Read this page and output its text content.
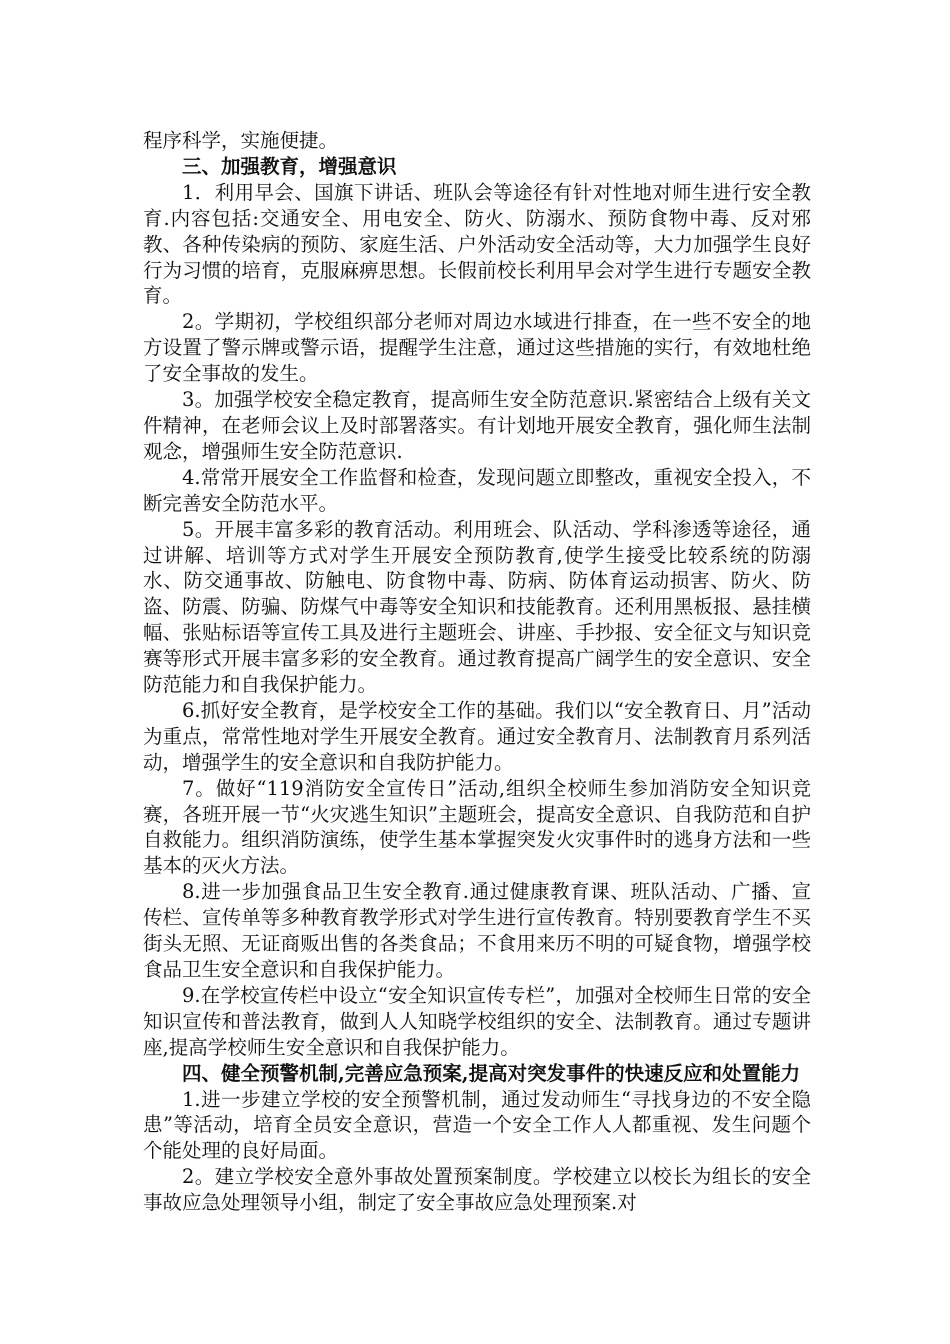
程序科学，实施便捷。

三、加强教育，增强意识

1．利用早会、国旗下讲话、班队会等途径有针对性地对师生进行安全教育.内容包括:交通安全、用电安全、防火、防溺水、预防食物中毒、反对邪教、各种传染病的预防、家庭生活、户外活动安全活动等，大力加强学生良好行为习惯的培育，克服麻痹思想。长假前校长利用早会对学生进行专题安全教育。

2。学期初，学校组织部分老师对周边水域进行排查，在一些不安全的地方设置了警示牌或警示语，提醒学生注意，通过这些措施的实行，有效地杜绝了安全事故的发生。

3。加强学校安全稳定教育，提高师生安全防范意识.紧密结合上级有关文件精神，在老师会议上及时部署落实。有计划地开展安全教育，强化师生法制观念，增强师生安全防范意识.

4.常常开展安全工作监督和检查，发现问题立即整改，重视安全投入，不断完善安全防范水平。

5。开展丰富多彩的教育活动。利用班会、队活动、学科渗透等途径，通过讲解、培训等方式对学生开展安全预防教育,使学生接受比较系统的防溺水、防交通事故、防触电、防食物中毒、防病、防体育运动损害、防火、防盗、防震、防骗、防煤气中毒等安全知识和技能教育。还利用黑板报、悬挂横幅、张贴标语等宣传工具及进行主题班会、讲座、手抄报、安全征文与知识竞赛等形式开展丰富多彩的安全教育。通过教育提高广阔学生的安全意识、安全防范能力和自我保护能力。

6.抓好安全教育，是学校安全工作的基础。我们以“安全教育日、月”活动为重点，常常性地对学生开展安全教育。通过安全教育月、法制教育月系列活动，增强学生的安全意识和自我防护能力。

7。做好“119消防安全宣传日”活动,组织全校师生参加消防安全知识竞赛，各班开展一节“火灾逃生知识”主题班会，提高安全意识、自我防范和自护自救能力。组织消防演练，使学生基本掌握突发火灾事件时的逃身方法和一些基本的灭火方法。

8.进一步加强食品卫生安全教育.通过健康教育课、班队活动、广播、宣传栏、宣传单等多种教育教学形式对学生进行宣传教育。特别要教育学生不买街头无照、无证商贩出售的各类食品；不食用来历不明的可疑食物，增强学校食品卫生安全意识和自我保护能力。

9.在学校宣传栏中设立“安全知识宣传专栏”，加强对全校师生日常的安全知识宣传和普法教育，做到人人知晓学校组织的安全、法制教育。通过专题讲座,提高学校师生安全意识和自我保护能力。

四、健全预警机制,完善应急预案,提高对突发事件的快速反应和处置能力

1.进一步建立学校的安全预警机制，通过发动师生“寻找身边的不安全隐患”等活动，培育全员安全意识，营造一个安全工作人人都重视、发生问题个个能处理的良好局面。

2。建立学校安全意外事故处置预案制度。学校建立以校长为组长的安全事故应急处理领导小组，制定了安全事故应急处理预案.对
